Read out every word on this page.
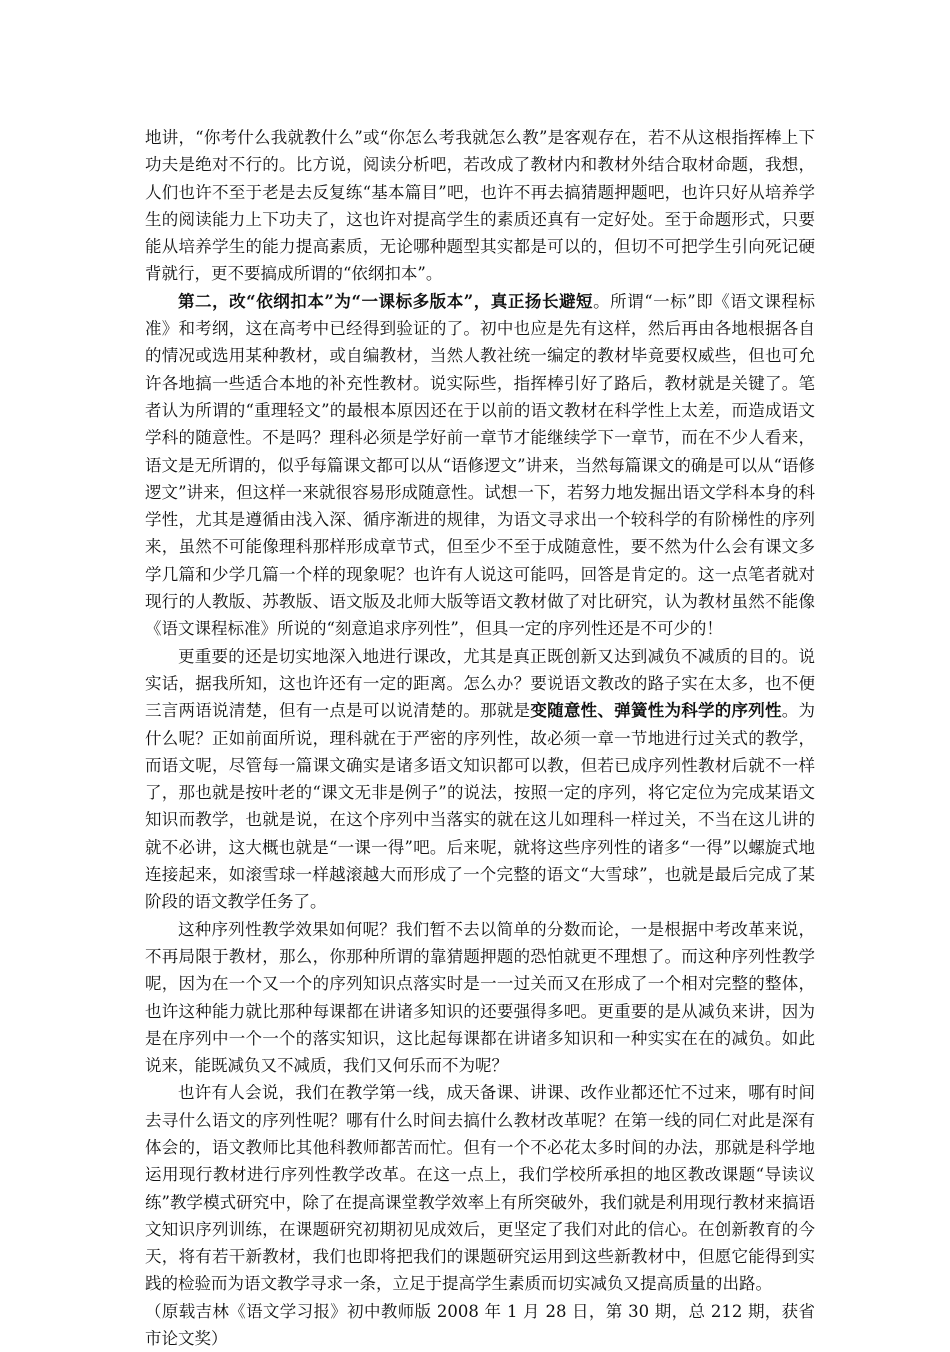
地讲，“你考什么我就教什么”或“你怎么考我就怎么教”是客观存在，若不从这根指挥棒上下功夫是绝对不行的。比方说，阅读分析吧，若改成了教材内和教材外结合取材命题，我想，人们也许不至于老是去反复练“基本篇目”吧，也许不再去搞猜题押题吧，也许只好从培养学生的阅读能力上下功夫了，这也许对提高学生的素质还真有一定好处。至于命题形式，只要能从培养学生的能力提高素质，无论哪种题型其实都是可以的，但切不可把学生引向死记硬背就行，更不要搞成所谓的“依纲扣本”。

第二，改“依纲扣本”为“一课标多版本”，真正扬长避短。所谓“一标”即《语文课程标准》和考纲，这在高考中已经得到验证的了。初中也应是先有这样，然后再由各地根据各自的情况或选用某种教材，或自编教材，当然人教社统一编定的教材毕竟要权威些，但也可允许各地搞一些适合本地的补充性教材。说实际些，指挥棒引好了路后，教材就是关键了。笔者认为所谓的“重理轻文”的最根本原因还在于以前的语文教材在科学性上太差，而造成语文学科的随意性。不是吗？理科必须是学好前一章节才能继续学下一章节，而在不少人看来，语文是无所谓的，似乎每篇课文都可以从“语修逻文”讲来，当然每篇课文的确是可以从“语修逻文”讲来，但这样一来就很容易形成随意性。试想一下，若努力地发掘出语文学科本身的科学性，尤其是遵循由浅入深、循序渐进的规律，为语文寻求出一个较科学的有阶梯性的序列来，虽然不可能像理科那样形成章节式，但至少不至于成随意性，要不然为什么会有课文多学几篇和少学几篇一个样的现象呢？也许有人说这可能吗，回答是肯定的。这一点笔者就对现行的人教版、苏教版、语文版及北师大版等语文教材做了对比研究，认为教材虽然不能像《语文课程标准》所说的“刻意追求序列性”，但具一定的序列性还是不可少的！

更重要的还是切实地深入地进行课改，尤其是真正既创新又达到减负不减质的目的。说实话，据我所知，这也许还有一定的距离。怎么办？要说语文教改的路子实在太多，也不便三言两语说清楚，但有一点是可以说清楚的。那就是变随意性、弹簧性为科学的序列性。为什么呢？正如前面所说，理科就在于严密的序列性，故必须一章一节地进行过关式的教学，而语文呢，尽管每一篇课文确实是诸多语文知识都可以教，但若已成序列性教材后就不一样了，那也就是按叶老的“课文无非是例子”的说法，按照一定的序列，将它定位为完成某语文知识而教学，也就是说，在这个序列中当落实的就在这儿如理科一样过关，不当在这儿讲的就不必讲，这大概也就是“一课一得”吧。后来呢，就将这些序列性的诸多“一得”以螺旋式地连接起来，如滚雪球一样越滚越大而形成了一个完整的语文“大雪球”，也就是最后完成了某阶段的语文教学任务了。

这种序列性教学效果如何呢？我们暂不去以简单的分数而论，一是根据中考改革来说，不再局限于教材，那么，你那种所谓的靠猜题押题的恐怕就更不理想了。而这种序列性教学呢，因为在一个又一个的序列知识点落实时是一一过关而又在形成了一个相对完整的整体，也许这种能力就比那种每课都在讲诸多知识的还要强得多吧。更重要的是从减负来讲，因为是在序列中一个一个的落实知识，这比起每课都在讲诸多知识和一种实实在在的减负。如此说来，能既减负又不减质，我们又何乐而不为呢？

也许有人会说，我们在教学第一线，成天备课、讲课、改作业都还忙不过来，哪有时间去寻什么语文的序列性呢？哪有什么时间去搞什么教材改革呢？在第一线的同仁对此是深有体会的，语文教师比其他科教师都苦而忙。但有一个不必花太多时间的办法，那就是科学地运用现行教材进行序列性教学改革。在这一点上，我们学校所承担的地区教改课题“导读议练”教学模式研究中，除了在提高课堂教学效率上有所突破外，我们就是利用现行教材来搞语文知识序列训练，在课题研究初期初见成效后，更坚定了我们对此的信心。在创新教育的今天，将有若干新教材，我们也即将把我们的课题研究运用到这些新教材中，但愿它能得到实践的检验而为语文教学寻求一条，立足于提高学生素质而切实减负又提高质量的出路。

（原载吉林《语文学习报》初中教师版 2008 年 1 月 28 日，第 30 期，总 212 期，获省市论文奖）
